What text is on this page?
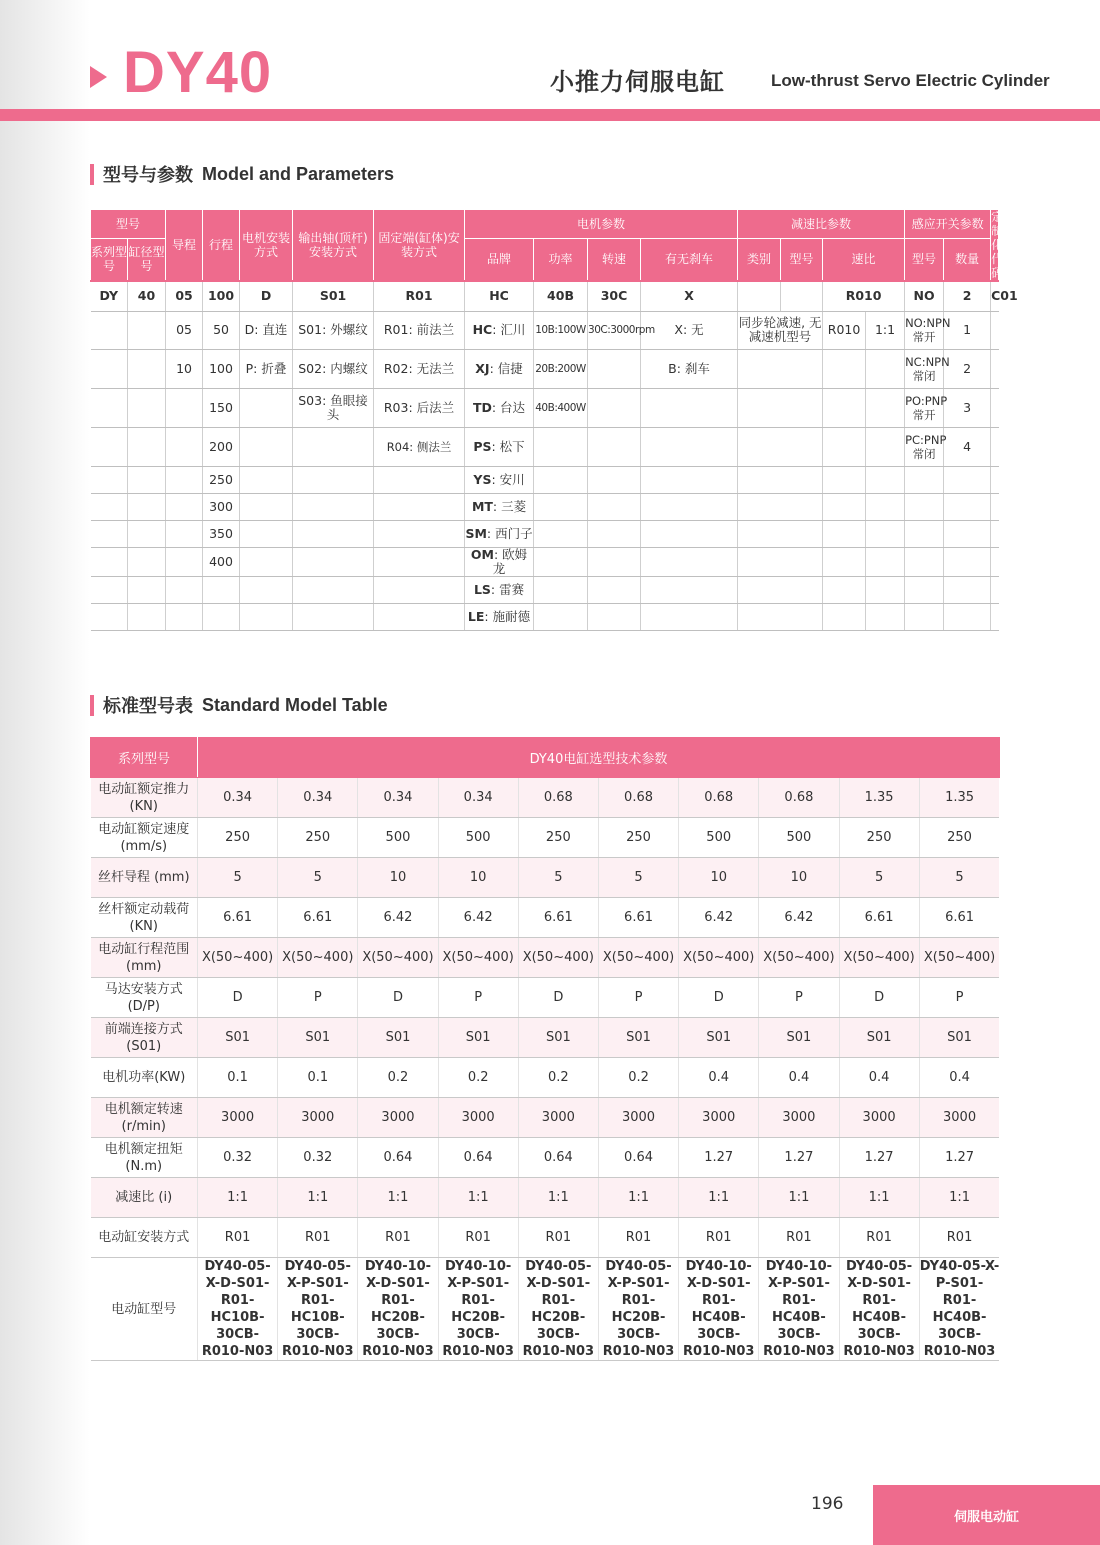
DY40	小推力伺服电缸	Low-thrust Servo Electric Cylinder
型号与参数 Model and Parameters
型号		导程	行程	电机安装方式	输出轴(顶杆)安装方式	固定端(缸体)安装方式	电机参数				减速比参数				感应开关参数		定制化代码
系列型号	缸径型号						品牌	功率	转速	有无刹车	类别	型号	速比		型号	数量	
DY	40	05	100	D	S01	R01	HC	40B	30C	X			R010		NO	2	C01
		05	50	D: 直连	S01: 外螺纹	R01: 前法兰	HC: 汇川	10B:100W	30C:3000rpm	X: 无	同步轮减速, 无减速机型号		R010	1:1	NO:NPN 常开	1	
		10	100	P: 折叠	S02: 内螺纹	R02: 无法兰	XJ: 信捷	20B:200W		B: 刹车					NC:NPN 常闭	2	
			150		S03: 鱼眼接头	R03: 后法兰	TD: 台达	40B:400W							PO:PNP 常开	3	
			200			R04: 侧法兰	PS: 松下								PC:PNP 常闭	4	
			250				YS: 安川										
			300				MT: 三菱										
			350				SM: 西门子										
			400				OM: 欧姆龙										
							LS: 雷赛										
							LE: 施耐德										
标准型号表 Standard Model Table
系列型号	DY40电缸选型技术参数									
电动缸额定推力 (KN)	0.34	0.34	0.34	0.34	0.68	0.68	0.68	0.68	1.35	1.35
电动缸额定速度 (mm/s)	250	250	500	500	250	250	500	500	250	250
丝杆导程 (mm)	5	5	10	10	5	5	10	10	5	5
丝杆额定动载荷 (KN)	6.61	6.61	6.42	6.42	6.61	6.61	6.42	6.42	6.61	6.61
电动缸行程范围 (mm)	X(50~400)	X(50~400)	X(50~400)	X(50~400)	X(50~400)	X(50~400)	X(50~400)	X(50~400)	X(50~400)	X(50~400)
马达安装方式 (D/P)	D	P	D	P	D	P	D	P	D	P
前端连接方式 (S01)	S01	S01	S01	S01	S01	S01	S01	S01	S01	S01
电机功率(KW)	0.1	0.1	0.2	0.2	0.2	0.2	0.4	0.4	0.4	0.4
电机额定转速 (r/min)	3000	3000	3000	3000	3000	3000	3000	3000	3000	3000
电机额定扭矩 (N.m)	0.32	0.32	0.64	0.64	0.64	0.64	1.27	1.27	1.27	1.27
减速比 (i)	1:1	1:1	1:1	1:1	1:1	1:1	1:1	1:1	1:1	1:1
电动缸安装方式	R01	R01	R01	R01	R01	R01	R01	R01	R01	R01
电动缸型号	DY40-05-X-D-S01-R01-HC10B-30CB-R010-N03	DY40-05-X-P-S01-R01-HC10B-30CB-R010-N03	DY40-10-X-D-S01-R01-HC20B-30CB-R010-N03	DY40-10-X-P-S01-R01-HC20B-30CB-R010-N03	DY40-05-X-D-S01-R01-HC20B-30CB-R010-N03	DY40-05-X-P-S01-R01-HC20B-30CB-R010-N03	DY40-10-X-D-S01-R01-HC40B-30CB-R010-N03	DY40-10-X-P-S01-R01-HC40B-30CB-R010-N03	DY40-05-X-D-S01-R01-HC40B-30CB-R010-N03	DY40-05-X-P-S01-R01-HC40B-30CB-R010-N03
196
伺服电动缸
